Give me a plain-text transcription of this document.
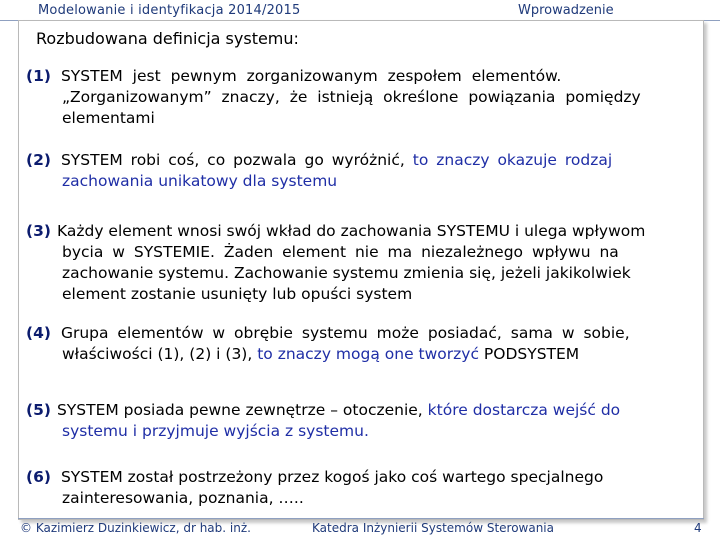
Modelowanie i identyfikacja 2014/2015	Wprowadzenie
Rozbudowana definicja systemu:
(1) SYSTEM jest pewnym zorganizowanym zespołem elementów.
„Zorganizowanym” znaczy, że istnieją określone powiązania pomiędzy
elementami
(2) SYSTEM robi coś, co pozwala go wyróżnić, to znaczy okazuje rodzaj
zachowania unikatowy dla systemu
(3) Każdy element wnosi swój wkład do zachowania SYSTEMU i ulega wpływom
bycia w SYSTEMIE. Żaden element nie ma niezależnego wpływu na
zachowanie systemu. Zachowanie systemu zmienia się, jeżeli jakikolwiek
element zostanie usunięty lub opuści system
(4) Grupa elementów w obrębie systemu może posiadać, sama w sobie,
właściwości (1), (2) i (3), to znaczy mogą one tworzyć PODSYSTEM
(5) SYSTEM posiada pewne zewnętrze – otoczenie, które dostarcza wejść do
systemu i przyjmuje wyjścia z systemu.
(6) SYSTEM został postrzeżony przez kogoś jako coś wartego specjalnego
zainteresowania, poznania, …..
© Kazimierz Duzinkiewicz, dr hab. inż.	Katedra Inżynierii Systemów Sterowania	4
